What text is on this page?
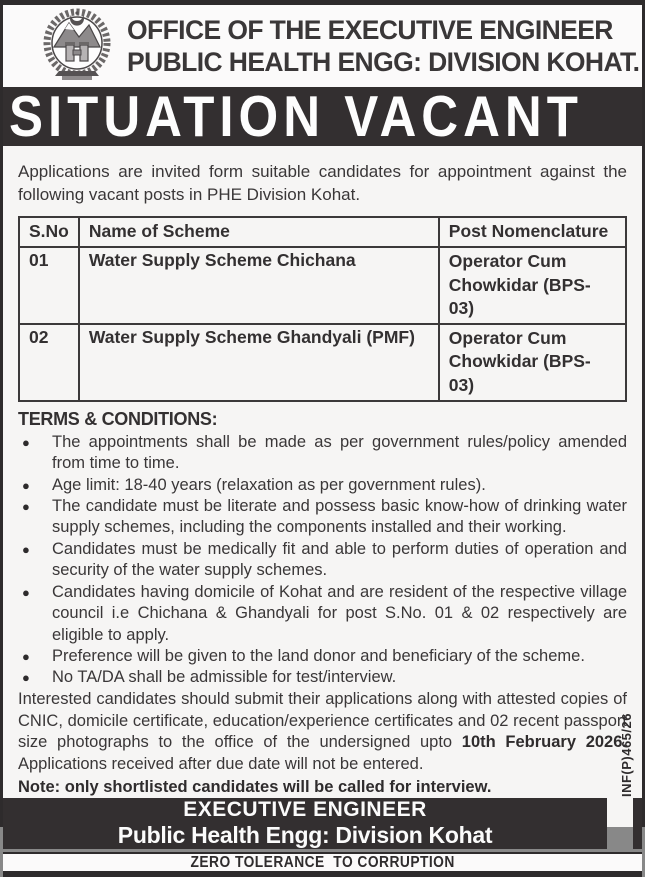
OFFICE OF THE EXECUTIVE ENGINEER
PUBLIC HEALTH ENGG: DIVISION KOHAT.
SITUATION VACANT

Applications are invited form suitable candidates for appointment against the following vacant posts in PHE Division Kohat.

S.No	Name of Scheme	Post Nomenclature
01	Water Supply Scheme Chichana	Operator Cum Chowkidar (BPS-03)
02	Water Supply Scheme Ghandyali (PMF)	Operator Cum Chowkidar (BPS-03)
TERMS & CONDITIONS:
●	The appointments shall be made as per government rules/policy amended from time to time.
●	Age limit: 18-40 years (relaxation as per government rules).
●	The candidate must be literate and possess basic know-how of drinking water supply schemes, including the components installed and their working.
●	Candidates must be medically fit and able to perform duties of operation and security of the water supply schemes.
●	Candidates having domicile of Kohat and are resident of the respective village council i.e Chichana & Ghandyali for post S.No. 01 & 02 respectively are eligible to apply.
●	Preference will be given to the land donor and beneficiary of the scheme.
●	No TA/DA shall be admissible for test/interview.

Interested candidates should submit their applications along with attested copies of CNIC, domicile certificate, education/experience certificates and 02 recent passport size photographs to the office of the undersigned upto 10th February 2026. Applications received after due date will not be entered.

Note: only shortlisted candidates will be called for interview.
EXECUTIVE ENGINEER
Public Health Engg: Division Kohat
INF(P)465/26
ZERO TOLERANCE  TO CORRUPTION
